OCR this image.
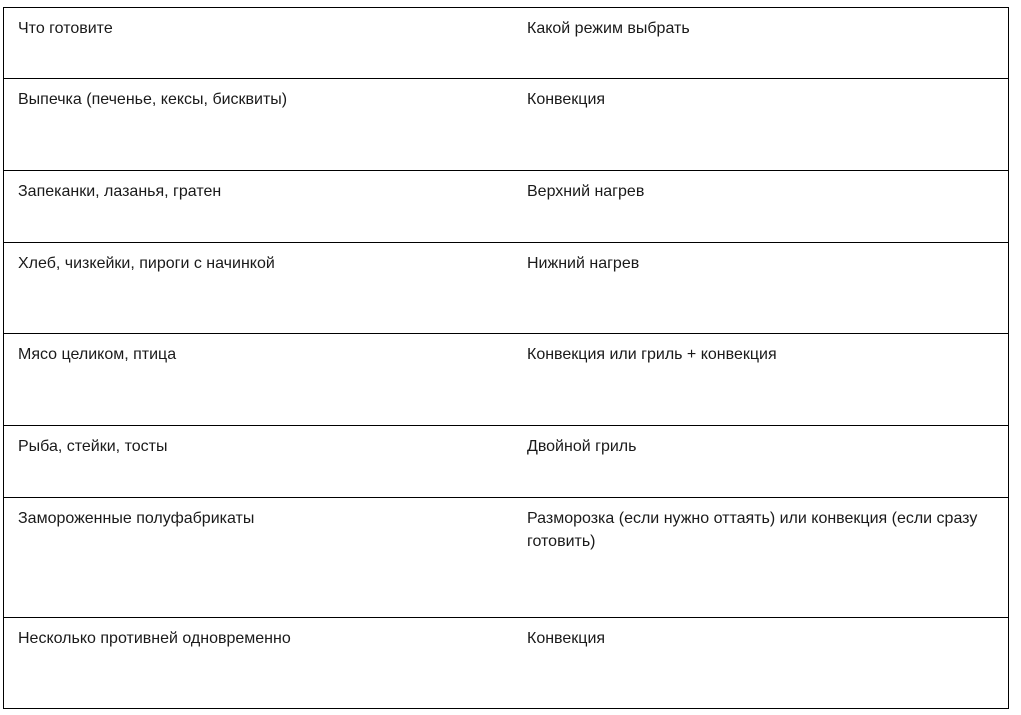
Что готовите	Какой режим выбрать
Выпечка (печенье, кексы, бисквиты)	Конвекция
Запеканки, лазанья, гратен	Верхний нагрев
Хлеб, чизкейки, пироги с начинкой	Нижний нагрев
Мясо целиком, птица	Конвекция или гриль + конвекция
Рыба, стейки, тосты	Двойной гриль
Замороженные полуфабрикаты	Разморозка (если нужно оттаять) или конвекция (если сразу готовить)
Несколько противней одновременно	Конвекция
